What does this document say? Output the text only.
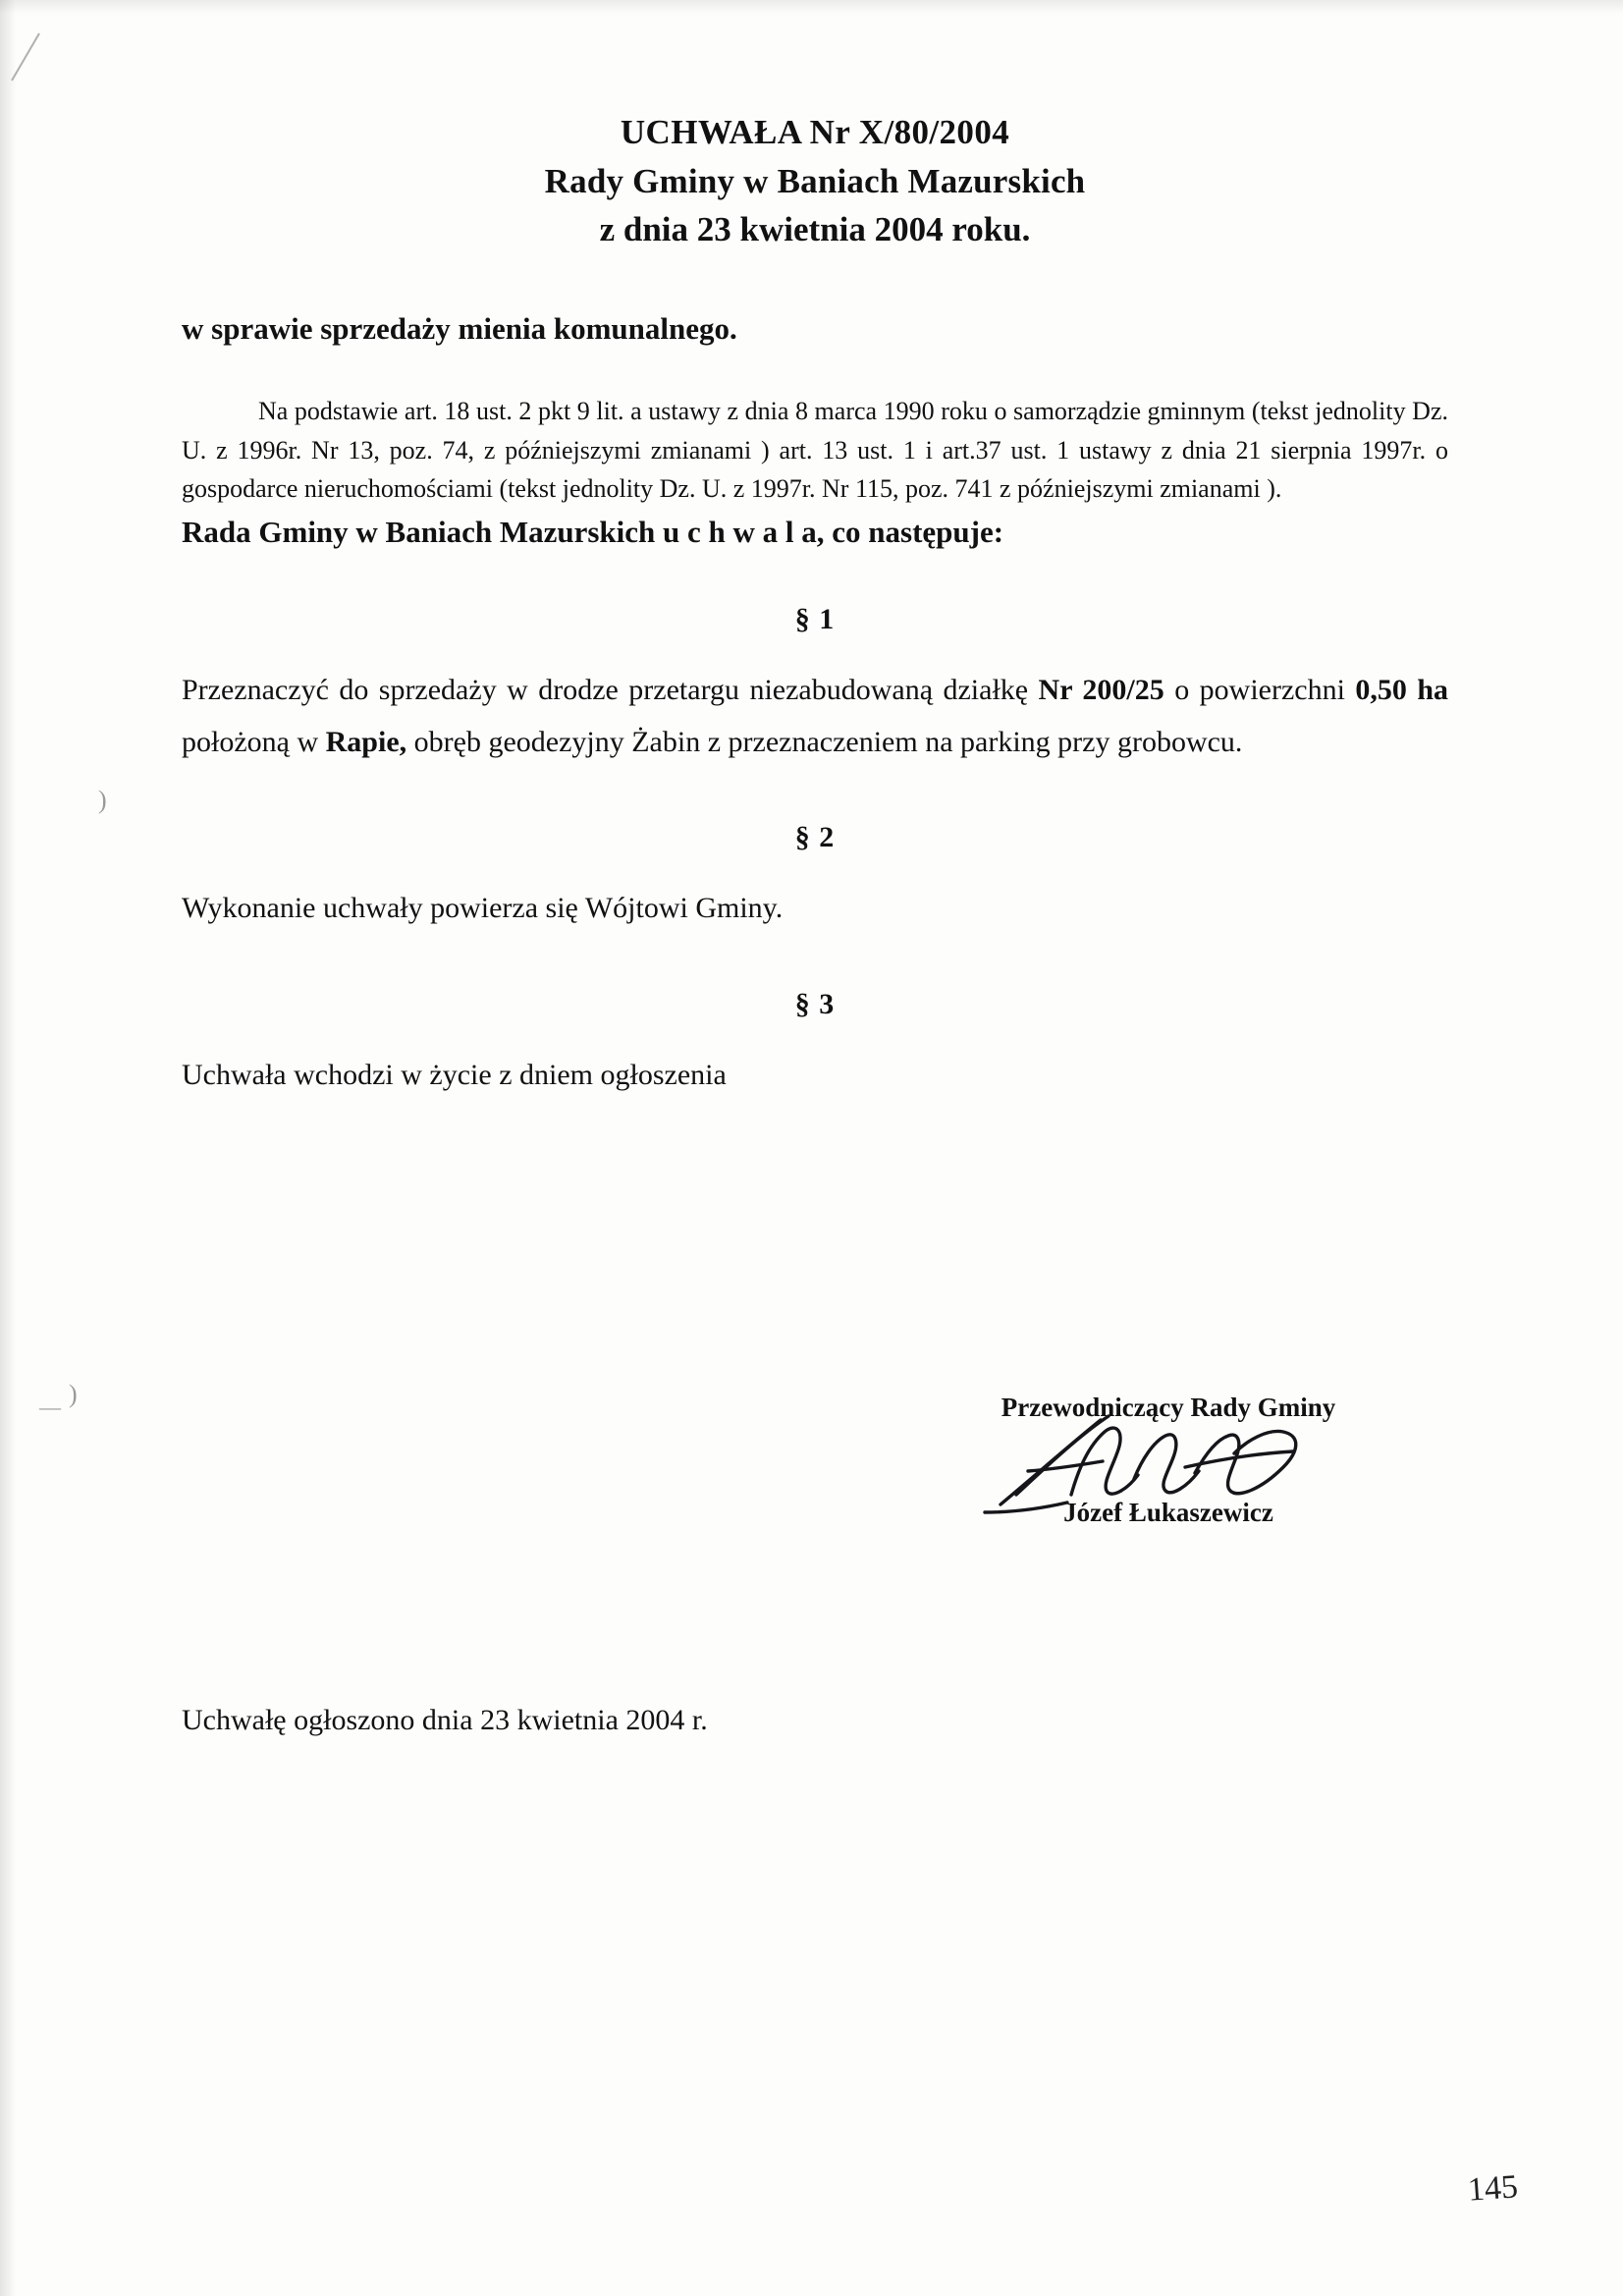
)
)
—
UCHWAŁA Nr X/80/2004
Rady Gminy w Baniach Mazurskich
z dnia 23 kwietnia 2004 roku.
w sprawie sprzedaży mienia komunalnego.
Na podstawie art. 18 ust. 2 pkt 9 lit. a ustawy z dnia 8 marca 1990 roku o samorządzie gminnym (tekst jednolity Dz. U. z 1996r. Nr 13, poz. 74, z późniejszymi zmianami ) art. 13 ust. 1 i art.37 ust. 1 ustawy z dnia 21 sierpnia 1997r. o gospodarce nieruchomościami (tekst jednolity Dz. U. z 1997r. Nr 115, poz. 741 z późniejszymi zmianami ).
Rada Gminy w Baniach Mazurskich u c h w a l a, co następuje:
§ 1
Przeznaczyć do sprzedaży w drodze przetargu niezabudowaną działkę Nr 200/25 o powierzchni 0,50 ha położoną w Rapie, obręb geodezyjny Żabin z przeznaczeniem na parking przy grobowcu.
§ 2
Wykonanie uchwały powierza się Wójtowi Gminy.
§ 3
Uchwała wchodzi w życie z dniem ogłoszenia
Przewodniczący Rady Gminy
Józef Łukaszewicz
Uchwałę ogłoszono dnia 23 kwietnia 2004 r.
145
